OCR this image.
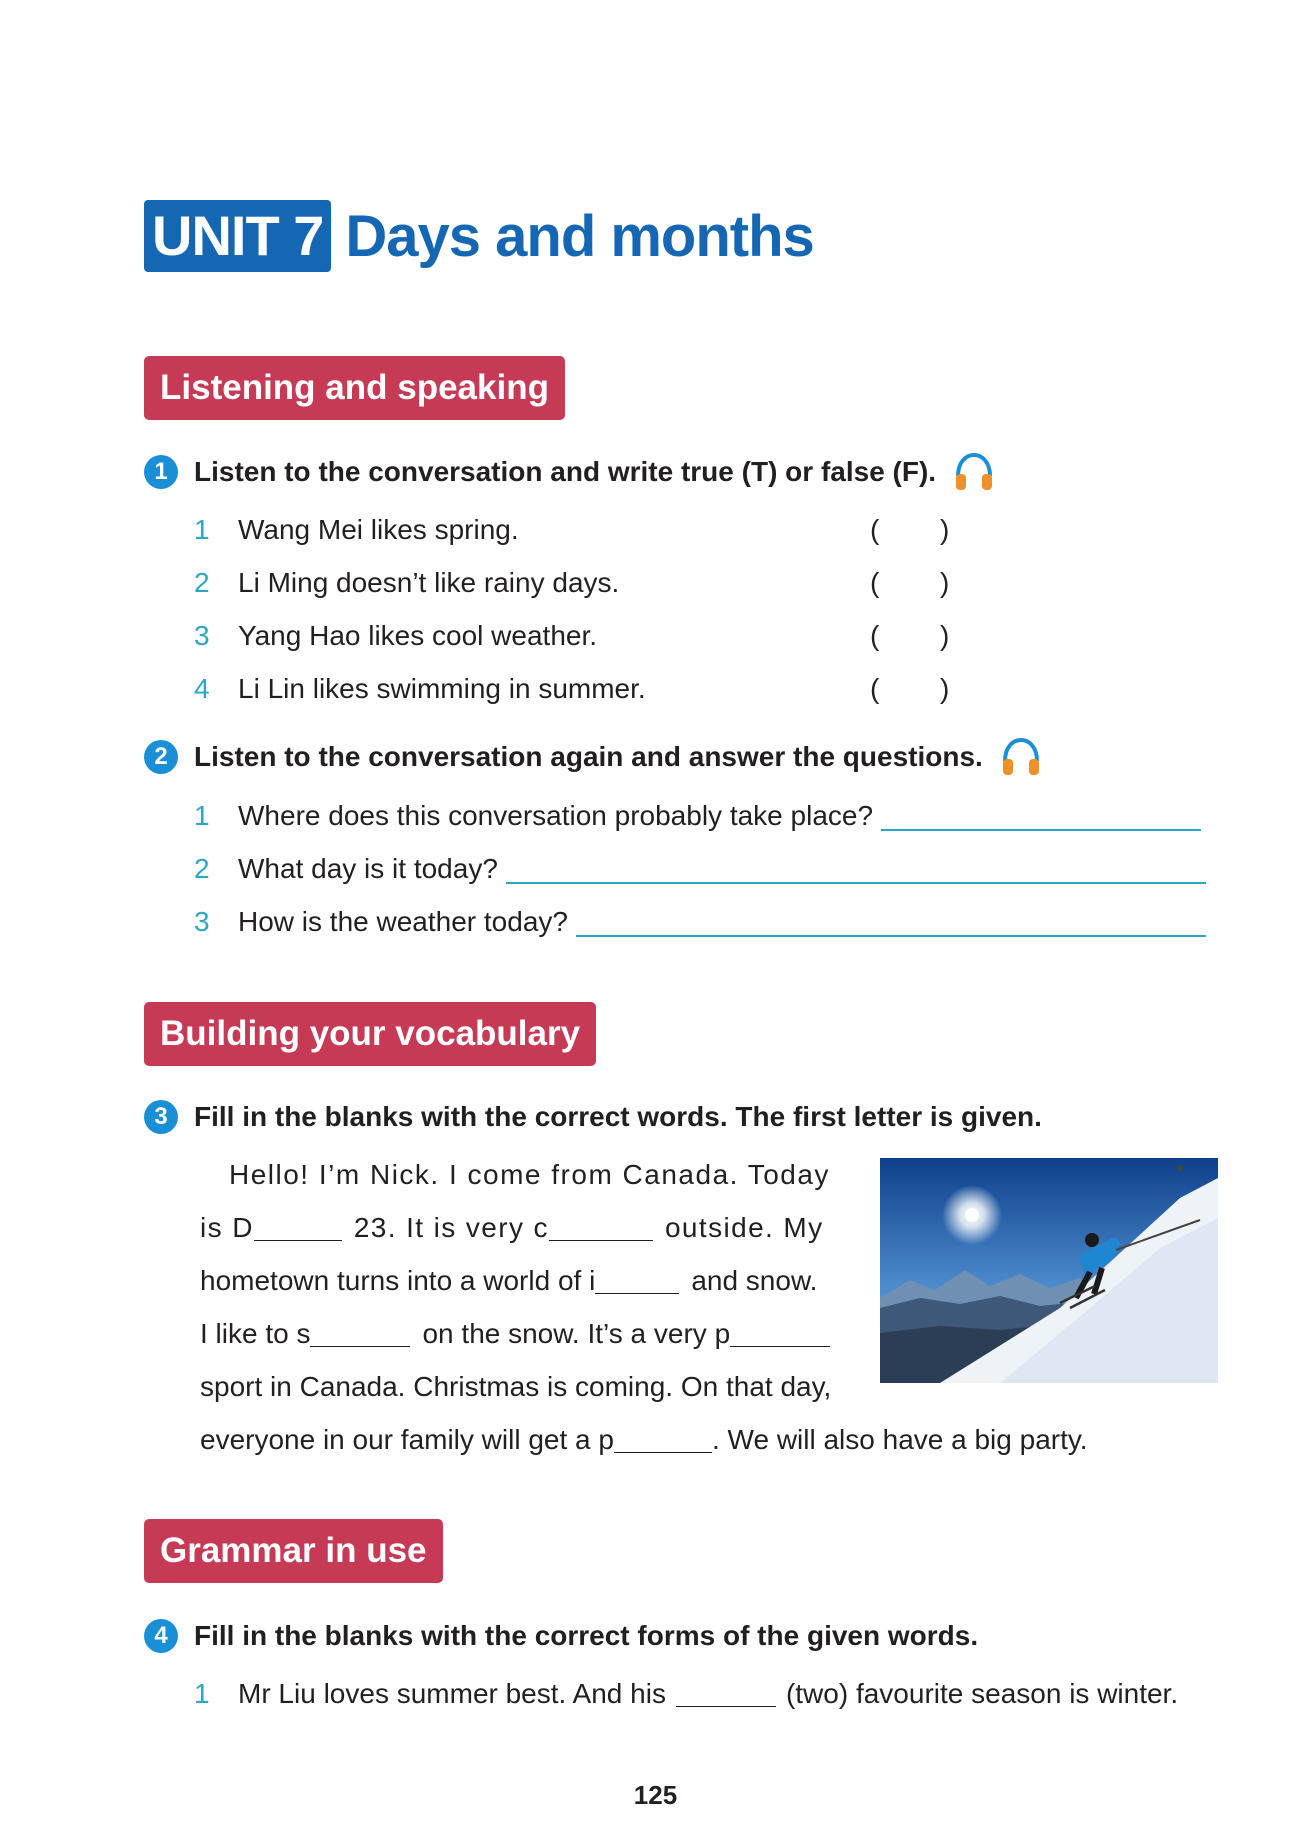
UNIT 7 Days and months
Listening and speaking
1 Listen to the conversation and write true (T) or false (F).
1	Wang Mei likes spring.	(	)
2	Li Ming doesn’t like rainy days.	(	)
3	Yang Hao likes cool weather.	(	)
4	Li Lin likes swimming in summer.	(	)
2 Listen to the conversation again and answer the questions.
1	Where does this conversation probably take place?
2	What day is it today?
3	How is the weather today?
Building your vocabulary
3 Fill in the blanks with the correct words. The first letter is given.
Hello! I’m Nick. I come from Canada. Today
is D	23. It is very c	outside. My
hometown turns into a world of i	and snow.
I like to s	on the snow. It’s a very p
sport in Canada. Christmas is coming. On that day,
everyone in our family will get a p	. We will also have a big party.
Grammar in use
4 Fill in the blanks with the correct forms of the given words.
1	Mr Liu loves summer best. And his	(two) favourite season is winter.
125
